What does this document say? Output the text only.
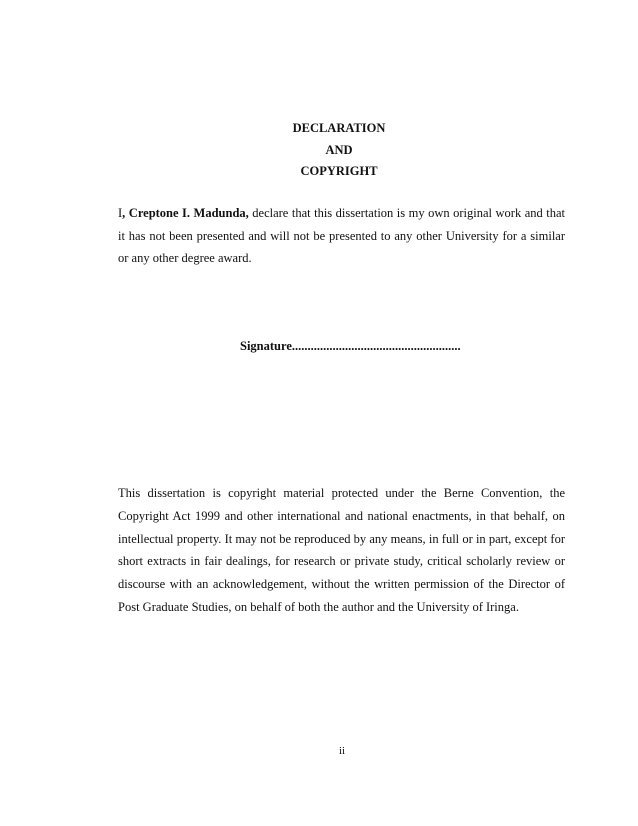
DECLARATION
AND
COPYRIGHT
I, Creptone I. Madunda, declare that this dissertation is my own original work and that it has not been presented and will not be presented to any other University for a similar or any other degree award.
Signature......................................................
This dissertation is copyright material protected under the Berne Convention, the Copyright Act 1999 and other international and national enactments, in that behalf, on intellectual property. It may not be reproduced by any means, in full or in part, except for short extracts in fair dealings, for research or private study, critical scholarly review or discourse with an acknowledgement, without the written permission of the Director of Post Graduate Studies, on behalf of both the author and the University of Iringa.
ii
